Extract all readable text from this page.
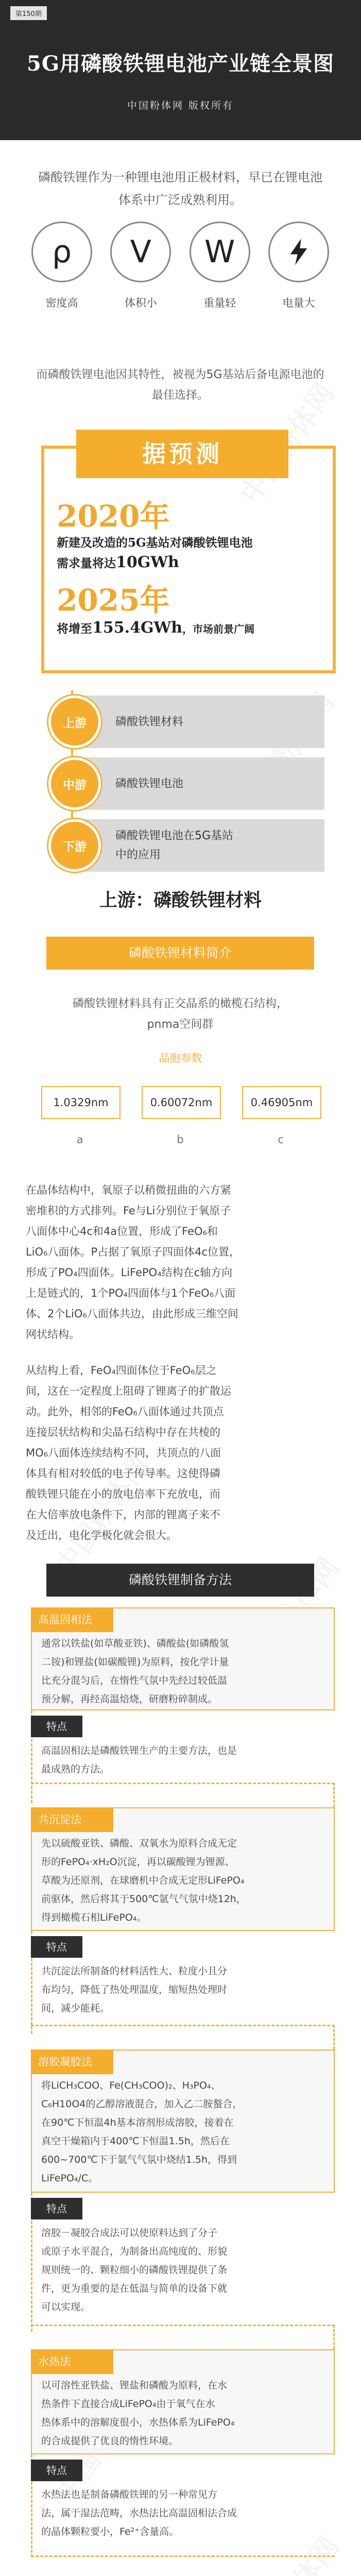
第150期
5G用磷酸铁锂电池产业链全景图
中国粉体网 版权所有
磷酸铁锂作为一种锂电池用正极材料，早已在锂电池体系中广泛成熟利用。
ρ
密度高
V
体积小
W
重量轻	电量大
而磷酸铁锂电池因其特性，被视为5G基站后备电源电池的最佳选择。
据预测
2020年
新建及改造的5G基站对磷酸铁锂电池
需求量将达10GWh
2025年
将增至155.4GWh，市场前景广阔
磷酸铁锂材料
上游
磷酸铁锂电池
中游
磷酸铁锂电池在5G基站
中的应用
下游
上游：磷酸铁锂材料
磷酸铁锂材料简介
磷酸铁锂材料具有正交晶系的橄榄石结构，
pnma空间群
晶胞参数
1.0329nm	0.60072nm	0.46905nm
a	b	c
在晶体结构中，氧原子以稍微扭曲的六方紧
密堆积的方式排列。Fe与Li分别位于氧原子
八面体中心4c和4a位置，形成了FeO₆和
LiO₆八面体。P占据了氧原子四面体4c位置，
形成了PO₄四面体。LiFePO₄结构在c轴方向
上是链式的，1个PO₄四面体与1个FeO₆八面
体、2个LiO₆八面体共边，由此形成三维空间
网状结构。
从结构上看，FeO₄四面体位于FeO₆层之
间，这在一定程度上阻碍了锂离子的扩散运
动。此外，相邻的FeO₆八面体通过共顶点
连接层状结构和尖晶石结构中存在共棱的
MO₆八面体连续结构不同，共顶点的八面
体具有相对较低的电子传导率。这使得磷
酸铁锂只能在小的放电倍率下充放电，而
在大倍率放电条件下，内部的锂离子来不
及迁出，电化学极化就会很大。
磷酸铁锂制备方法
高温固相法
通常以铁盐(如草酸亚铁)、磷酸盐(如磷酸氢
二铵)和锂盐(如碳酸锂)为原料，按化学计量
比充分混匀后，在惰性气氛中先经过较低温
预分解，再经高温焙烧，研磨粉碎制成。
特点
高温固相法是磷酸铁锂生产的主要方法，也是
最成熟的方法。
共沉淀法
先以硫酸亚铁、磷酸、双氧水为原料合成无定
形的FePO₄·xH₂O沉淀，再以碳酸锂为锂源、
草酸为还原剂，在球磨机中合成无定形LiFePO₄
前驱体，然后将其于500℃氩气气氛中烧12h，
得到橄榄石相LiFePO₄。
特点
共沉淀法所制备的材料活性大、粒度小且分
布均匀，降低了热处理温度，缩短热处理时
间，减少能耗。
溶胶凝胶法
将LiCH₃COO、Fe(CH₃COO)₂、H₃PO₄、
C₆H10O4的乙醇溶液混合，加入乙二胺螯合，
在90℃下恒温4h基本溶剂形成溶胶，接着在
真空干燥箱内于400℃下恒温1.5h，然后在
600~700℃下于氩气气氛中烧结1.5h，得到
LiFePO₄/C。
特点
溶胶－凝胶合成法可以使原料达到了分子
或原子水平混合，为制备出高纯度的、形貌
规则统一的、颗粒细小的磷酸铁锂提供了条
件，更为重要的是在低温与简单的设备下就
可以实现。
水热法
以可溶性亚铁盐、锂盐和磷酸为原料，在水
热条件下直接合成LiFePO₄由于氧气在水
热体系中的溶解度很小，水热体系为LiFePO₄
的合成提供了优良的惰性环境。
特点
水热法也是制备磷酸铁锂的另一种常见方
法，属于湿法范畴，水热法比高温固相法合成
的晶体颗粒要小，Fe²⁺含量高。
